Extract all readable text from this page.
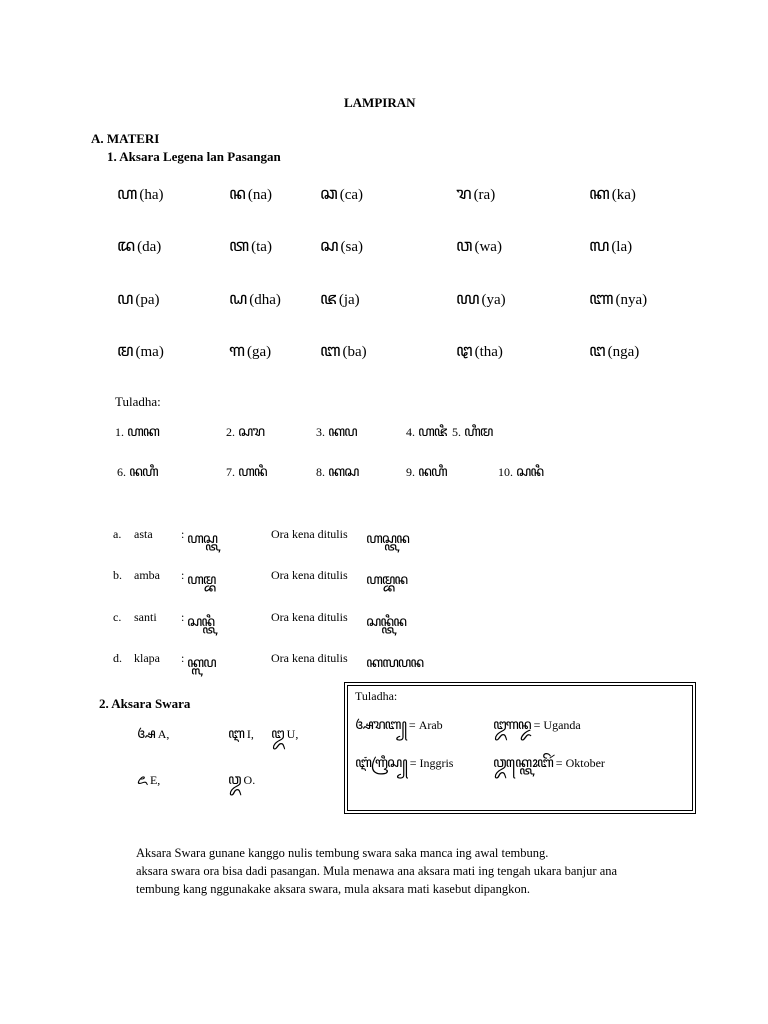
LAMPIRAN
A. MATERI
1. Aksara Legena lan Pasangan
ꦲ (ha)	ꦤ (na)	ꦕ (ca)	ꦫ (ra)	ꦏ (ka)
ꦢ (da)	ꦠ (ta)	ꦱ (sa)	ꦮ (wa)	ꦭ (la)
ꦥ (pa)	ꦝ (dha) ꦗ (ja)	ꦪ (ya)	ꦚ (nya)
ꦩ (ma)	ꦒ (ga)	ꦧ (ba)	ꦛ (tha)	ꦔ (nga)
Tuladha:
1. ꦲꦏ	2. ꦱꦫ	3. ꦏꦥ	4. ꦲꦗꦶ 5. ꦲꦶꦩ
6. ꦤꦲꦶ	7. ꦲꦤꦶ	8. ꦏꦱ	9. ꦤꦲꦶ	10. ꦱꦤꦶ
a. asta : ꦲꦱ꧀ꦠ	Ora kena ditulis ꦲꦱ꧀ꦠꦤ
b. amba : ꦲꦩ꧀ꦧ	Ora kena ditulis ꦲꦩ꧀ꦧꦤ
c. santi : ꦱꦤ꧀ꦠꦶ	Ora kena ditulis ꦱꦤ꧀ꦠꦶꦤ
d. klapa : ꦏ꧀ꦭꦥ	Ora kena ditulis ꦏꦭꦥꦤ
2. Aksara Swara
ꦄ A,	ꦆ I, ꦈ U,
ꦌ E,	ꦎ O.
Tuladha:
ꦄꦫꦧ꧀ = Arab	ꦈꦒꦤ꧀ꦢ = Uganda
ꦆꦁꦒꦿꦶꦱ꧀ = Inggris	ꦎꦏ꧀ꦠꦺꦴꦧꦼꦂ = Oktober
Aksara Swara gunane kanggo nulis tembung swara saka manca ing awal tembung.
aksara swara ora bisa dadi pasangan. Mula menawa ana aksara mati ing tengah ukara banjur ana
tembung kang nggunakake aksara swara, mula aksara mati kasebut dipangkon.
